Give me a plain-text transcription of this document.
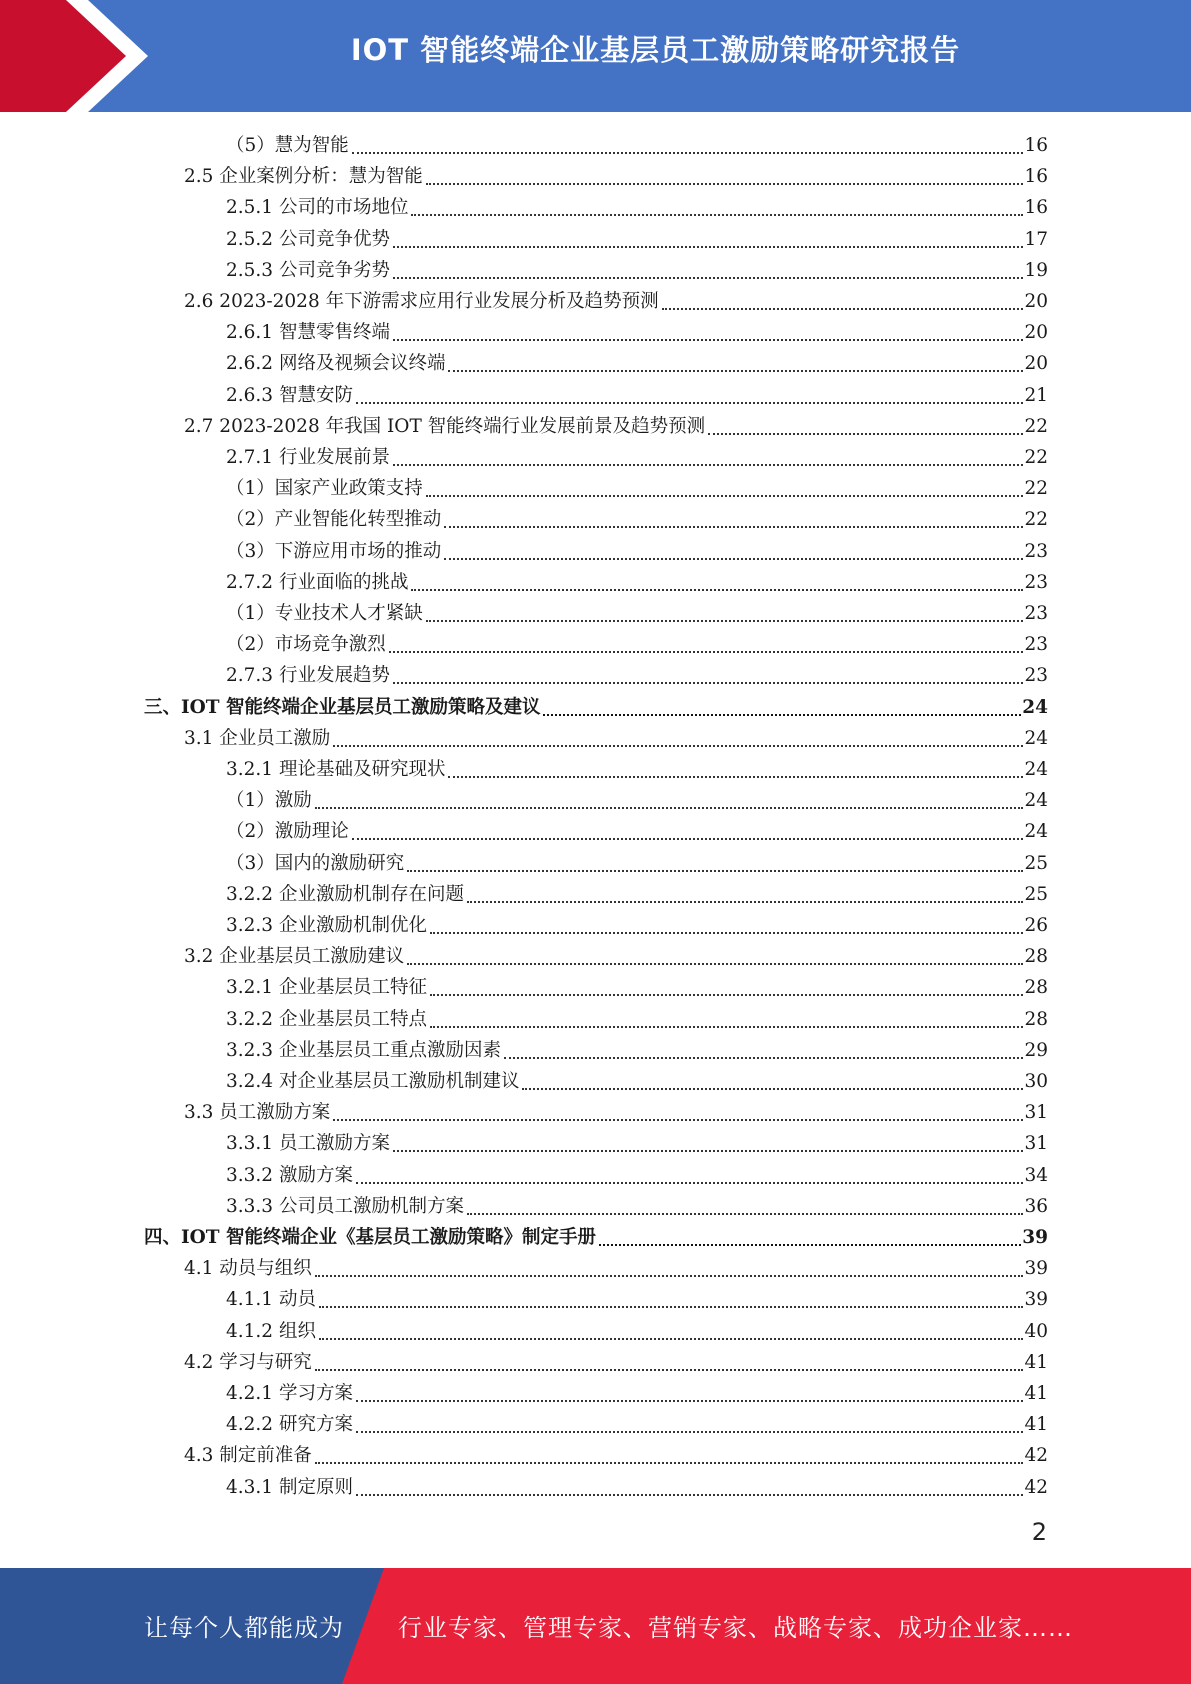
IOT 智能终端企业基层员工激励策略研究报告
（5）慧为智能	16
2.5 企业案例分析：慧为智能	16
2.5.1 公司的市场地位	16
2.5.2 公司竞争优势	17
2.5.3 公司竞争劣势	19
2.6 2023-2028 年下游需求应用行业发展分析及趋势预测	20
2.6.1 智慧零售终端	20
2.6.2 网络及视频会议终端	20
2.6.3 智慧安防	21
2.7 2023-2028 年我国 IOT 智能终端行业发展前景及趋势预测	22
2.7.1 行业发展前景	22
（1）国家产业政策支持	22
（2）产业智能化转型推动	22
（3）下游应用市场的推动	23
2.7.2 行业面临的挑战	23
（1）专业技术人才紧缺	23
（2）市场竞争激烈	23
2.7.3 行业发展趋势	23
三、IOT 智能终端企业基层员工激励策略及建议	24
3.1 企业员工激励	24
3.2.1 理论基础及研究现状	24
（1）激励	24
（2）激励理论	24
（3）国内的激励研究	25
3.2.2 企业激励机制存在问题	25
3.2.3 企业激励机制优化	26
3.2 企业基层员工激励建议	28
3.2.1 企业基层员工特征	28
3.2.2 企业基层员工特点	28
3.2.3 企业基层员工重点激励因素	29
3.2.4 对企业基层员工激励机制建议	30
3.3 员工激励方案	31
3.3.1 员工激励方案	31
3.3.2 激励方案	34
3.3.3 公司员工激励机制方案	36
四、IOT 智能终端企业《基层员工激励策略》制定手册	39
4.1 动员与组织	39
4.1.1 动员	39
4.1.2 组织	40
4.2 学习与研究	41
4.2.1 学习方案	41
4.2.2 研究方案	41
4.3 制定前准备	42
4.3.1 制定原则	42
2
让每个人都能成为 行业专家、管理专家、营销专家、战略专家、成功企业家……
